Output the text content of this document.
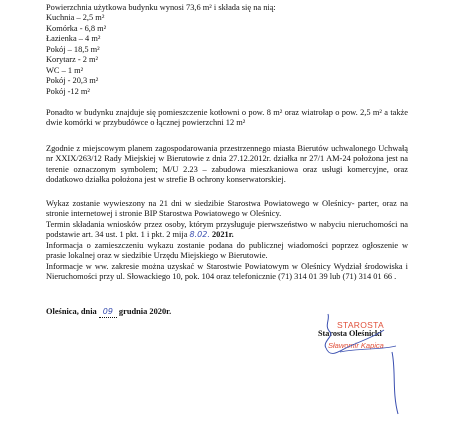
Powierzchnia użytkowa budynku wynosi 73,6 m² i składa się na nią:
Kuchnia – 2,5 m²
Komórka - 6,8 m²
Łazienka – 4 m²
Pokój – 18,5 m²
Korytarz - 2 m²
WC – 1 m²
Pokój - 20,3 m²
Pokój -12 m²
Ponadto w budynku znajduje się pomieszczenie kotłowni o pow. 8 m² oraz wiatrołap o pow. 2,5 m² a także dwie komórki w przybudówce o łącznej powierzchni 12 m²
Zgodnie z miejscowym planem zagospodarowania przestrzennego miasta Bierutów uchwalonego Uchwałą nr XXIX/263/12 Rady Miejskiej w Bierutowie z dnia 27.12.2012r. działka nr 27/1 AM-24 położona jest na terenie oznaczonym symbolem; M/U 2.23 – zabudowa mieszkaniowa oraz usługi komercyjne, oraz dodatkowo działka położona jest w strefie B ochrony konserwatorskiej.
Wykaz zostanie wywieszony na 21 dni w siedzibie Starostwa Powiatowego w Oleśnicy- parter, oraz na stronie internetowej i stronie BIP Starostwa Powiatowego w Oleśnicy.
Termin składania wniosków przez osoby, którym przysługuje pierwszeństwo w nabyciu nieruchomości na podstawie art. 34 ust. 1 pkt. 1 i pkt. 2 mija 8.02. 2021r.
Informacja o zamieszczeniu wykazu zostanie podana do publicznej wiadomości poprzez ogłoszenie w prasie lokalnej oraz w siedzibie Urzędu Miejskiego w Bierutowie.
Informacje w ww. zakresie można uzyskać w Starostwie Powiatowym w Oleśnicy Wydział środowiska i Nieruchomości przy ul. Słowackiego 10, pok. 104 oraz telefonicznie (71) 314 01 39 lub (71) 314 01 66 .
Oleśnica, dnia 09 grudnia 2020r.
STAROSTA
Starosta Oleśnicki
Sławomir Kapica
